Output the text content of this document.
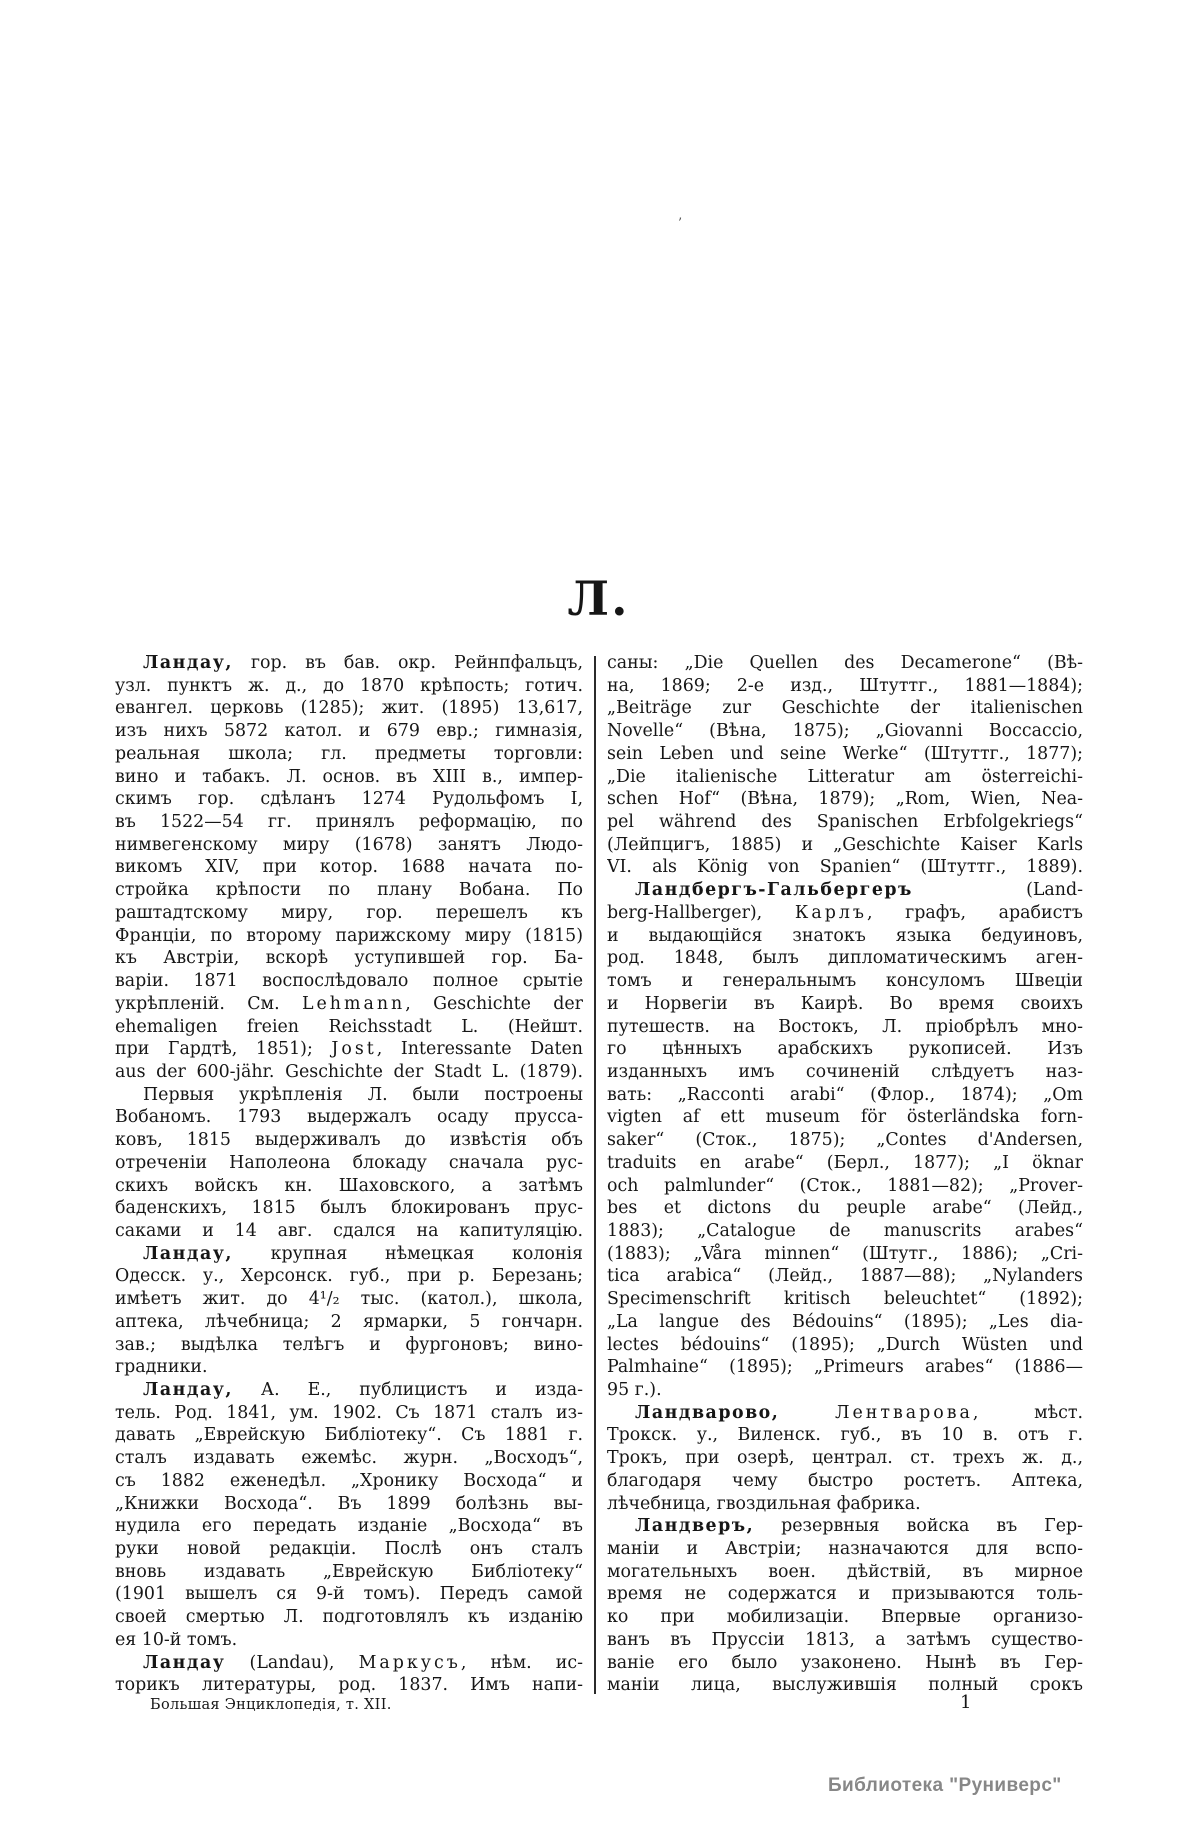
’
Л.
Ландау, гор. въ бав. окр. Рейнпфальцъ,
узл. пунктъ ж. д., до 1870 крѣпость; готич.
евангел. церковь (1285); жит. (1895) 13,617,
изъ нихъ 5872 катол. и 679 евр.; гимназія,
реальная школа; гл. предметы торговли:
вино и табакъ. Л. основ. въ XIII в., импер-
скимъ гор. сдѣланъ 1274 Рудольфомъ I,
въ 1522—54 гг. принялъ реформацію, по
нимвегенскому миру (1678) занятъ Людо-
викомъ XIV, при котор. 1688 начата по-
стройка крѣпости по плану Вобана. По
раштадтскому миру, гор. перешелъ къ
Франціи, по второму парижскому миру (1815)
къ Австріи, вскорѣ уступившей гор. Ба-
варіи. 1871 воспослѣдовало полное срытіе
укрѣпленій. См. Lehmann, Geschichte der
ehemaligen freien Reichsstadt L. (Нейшт.
при Гардтѣ, 1851); Jost, Interessante Daten
aus der 600-jähr. Geschichte der Stadt L. (1879).
Первыя укрѣпленія Л. были построены
Вобаномъ. 1793 выдержалъ осаду прусса-
ковъ, 1815 выдерживалъ до извѣстія объ
отреченіи Наполеона блокаду сначала рус-
скихъ войскъ кн. Шаховского, а затѣмъ
баденскихъ, 1815 былъ блокированъ прус-
саками и 14 авг. сдался на капитуляцію.
Ландау, крупная нѣмецкая колонія
Одесск. у., Херсонск. губ., при р. Березань;
имѣетъ жит. до 4¹/₂ тыс. (катол.), школа,
аптека, лѣчебница; 2 ярмарки, 5 гончарн.
зав.; выдѣлка телѣгъ и фургоновъ; вино-
градники.
Ландау, А. Е., публицистъ и изда-
тель. Род. 1841, ум. 1902. Съ 1871 сталъ из-
давать „Еврейскую Библіотеку“. Съ 1881 г.
сталъ издавать ежемѣс. журн. „Восходъ“,
съ 1882 еженедѣл. „Хронику Восхода“ и
„Книжки Восхода“. Въ 1899 болѣзнь вы-
нудила его передать изданіе „Восхода“ въ
руки новой редакціи. Послѣ онъ сталъ
вновь издавать „Еврейскую Библіотеку“
(1901 вышелъ ся 9-й томъ). Передъ самой
своей смертью Л. подготовлялъ къ изданію
ея 10-й томъ.
Ландау (Landau), Маркусъ, нѣм. ис-
торикъ литературы, род. 1837. Имъ напи-
саны: „Die Quellen des Decamerone“ (Вѣ-
на, 1869; 2-е изд., Штуттг., 1881—1884);
„Beiträge zur Geschichte der italienischen
Novelle“ (Вѣна, 1875); „Giovanni Boccaccio,
sein Leben und seine Werke“ (Штуттг., 1877);
„Die italienische Litteratur am österreichi-
schen Hof“ (Вѣна, 1879); „Rom, Wien, Nea-
pel während des Spanischen Erbfolgekriegs“
(Лейпцигъ, 1885) и „Geschichte Kaiser Karls
VI. als König von Spanien“ (Штуттг., 1889).
Ландбергъ-Гальбергеръ	(Land-
berg-Hallberger), Карлъ, графъ, арабистъ
и выдающійся знатокъ языка бедуиновъ,
род. 1848, былъ дипломатическимъ аген-
томъ и генеральнымъ консуломъ Швеціи
и Норвегіи въ Каирѣ. Во время своихъ
путешеств. на Востокъ, Л. пріобрѣлъ мно-
го цѣнныхъ арабскихъ рукописей. Изъ
изданныхъ имъ сочиненій слѣдуетъ наз-
вать: „Racconti arabi“ (Флор., 1874); „Om
vigten af ett museum för österländska forn-
saker“ (Сток., 1875); „Contes d'Andersen,
traduits en arabe“ (Берл., 1877); „I öknar
och palmlunder“ (Сток., 1881—82); „Prover-
bes et dictons du peuple arabe“ (Лейд.,
1883); „Catalogue de manuscrits arabes“
(1883); „Våra minnen“ (Штутг., 1886); „Cri-
tica arabica“ (Лейд., 1887—88); „Nylanders
Specimenschrift kritisch beleuchtet“ (1892);
„La langue des Bédouins“ (1895); „Les dia-
lectes bédouins“ (1895); „Durch Wüsten und
Palmhaine“ (1895); „Primeurs arabes“ (1886—
95 г.).
Ландварово,	Лентварова, мѣст.
Трокск. у., Виленск. губ., въ 10 в. отъ г.
Трокъ, при озерѣ, централ. ст. трехъ ж. д.,
благодаря чему быстро ростетъ. Аптека,
лѣчебница, гвоздильная фабрика.
Ландверъ, резервныя войска въ Гер-
маніи и Австріи; назначаются для вспо-
могательныхъ воен. дѣйствій, въ мирное
время не содержатся и призываются толь-
ко при мобилизаціи. Впервые организо-
ванъ въ Пруссіи 1813, а затѣмъ существо-
ваніе его было узаконено. Нынѣ въ Гер-
маніи лица, выслужившія полный срокъ
Большая Энциклопедія, т. XII.	1
Библиотека "Руниверс"
